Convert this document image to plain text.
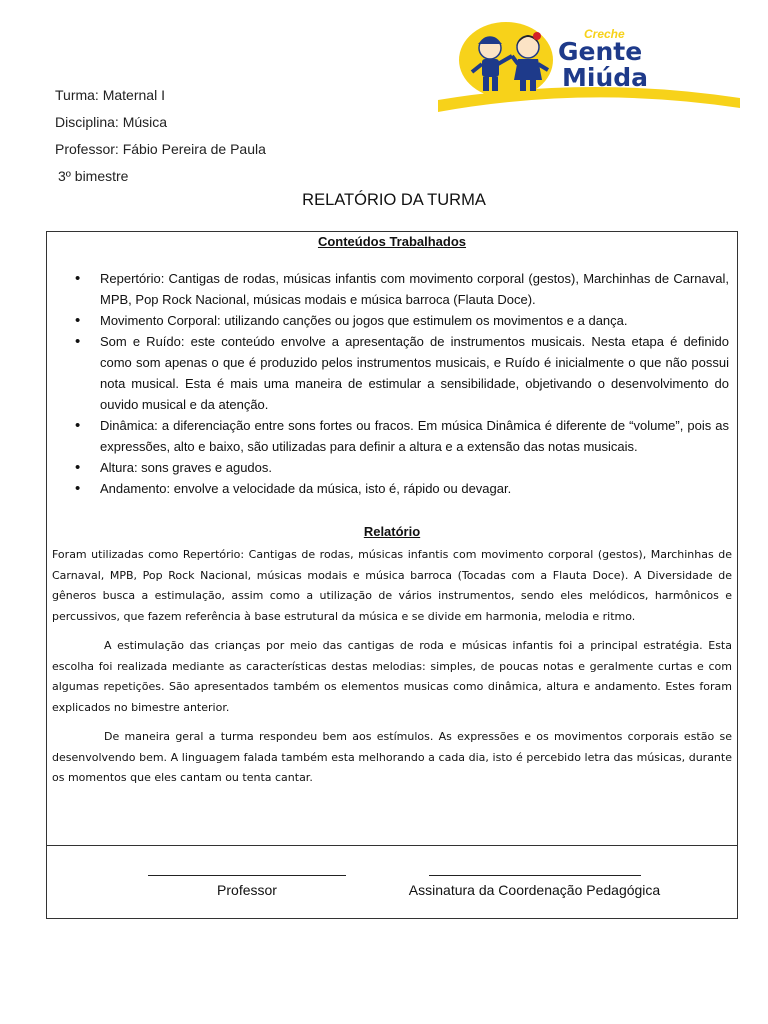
Turma: Maternal I
Disciplina: Música
Professor: Fábio Pereira de Paula
3º bimestre
Creche
Gente
Miúda
RELATÓRIO DA TURMA
Conteúdos Trabalhados
• Repertório: Cantigas de rodas, músicas infantis com movimento corporal (gestos), Marchinhas de Carnaval, MPB, Pop Rock Nacional, músicas modais e música barroca (Flauta Doce).
• Movimento Corporal: utilizando canções ou jogos que estimulem os movimentos e a dança.
• Som e Ruído: este conteúdo envolve a apresentação de instrumentos musicais. Nesta etapa é definido como som apenas o que é produzido pelos instrumentos musicais, e Ruído é inicialmente o que não possui nota musical. Esta é mais uma maneira de estimular a sensibilidade, objetivando o desenvolvimento do ouvido musical e da atenção.
• Dinâmica: a diferenciação entre sons fortes ou fracos. Em música Dinâmica é diferente de “volume”, pois as expressões, alto e baixo, são utilizadas para definir a altura e a extensão das notas musicais.
• Altura: sons graves e agudos.
• Andamento: envolve a velocidade da música, isto é, rápido ou devagar.
Relatório

Foram utilizadas como Repertório: Cantigas de rodas, músicas infantis com movimento corporal (gestos), Marchinhas de Carnaval, MPB, Pop Rock Nacional, músicas modais e música barroca (Tocadas com a Flauta Doce). A Diversidade de gêneros busca a estimulação, assim como a utilização de vários instrumentos, sendo eles melódicos, harmônicos e percussivos, que fazem referência à base estrutural da música e se divide em harmonia, melodia e ritmo.

A estimulação das crianças por meio das cantigas de roda e músicas infantis foi a principal estratégia. Esta escolha foi realizada mediante as características destas melodias: simples, de poucas notas e geralmente curtas e com algumas repetições. São apresentados também os elementos musicas como dinâmica, altura e andamento. Estes foram explicados no bimestre anterior.

De maneira geral a turma respondeu bem aos estímulos. As expressões e os movimentos corporais estão se desenvolvendo bem. A linguagem falada também esta melhorando a cada dia, isto é percebido letra das músicas, durante os momentos que eles cantam ou tenta cantar.

Professor	Assinatura da Coordenação Pedagógica
